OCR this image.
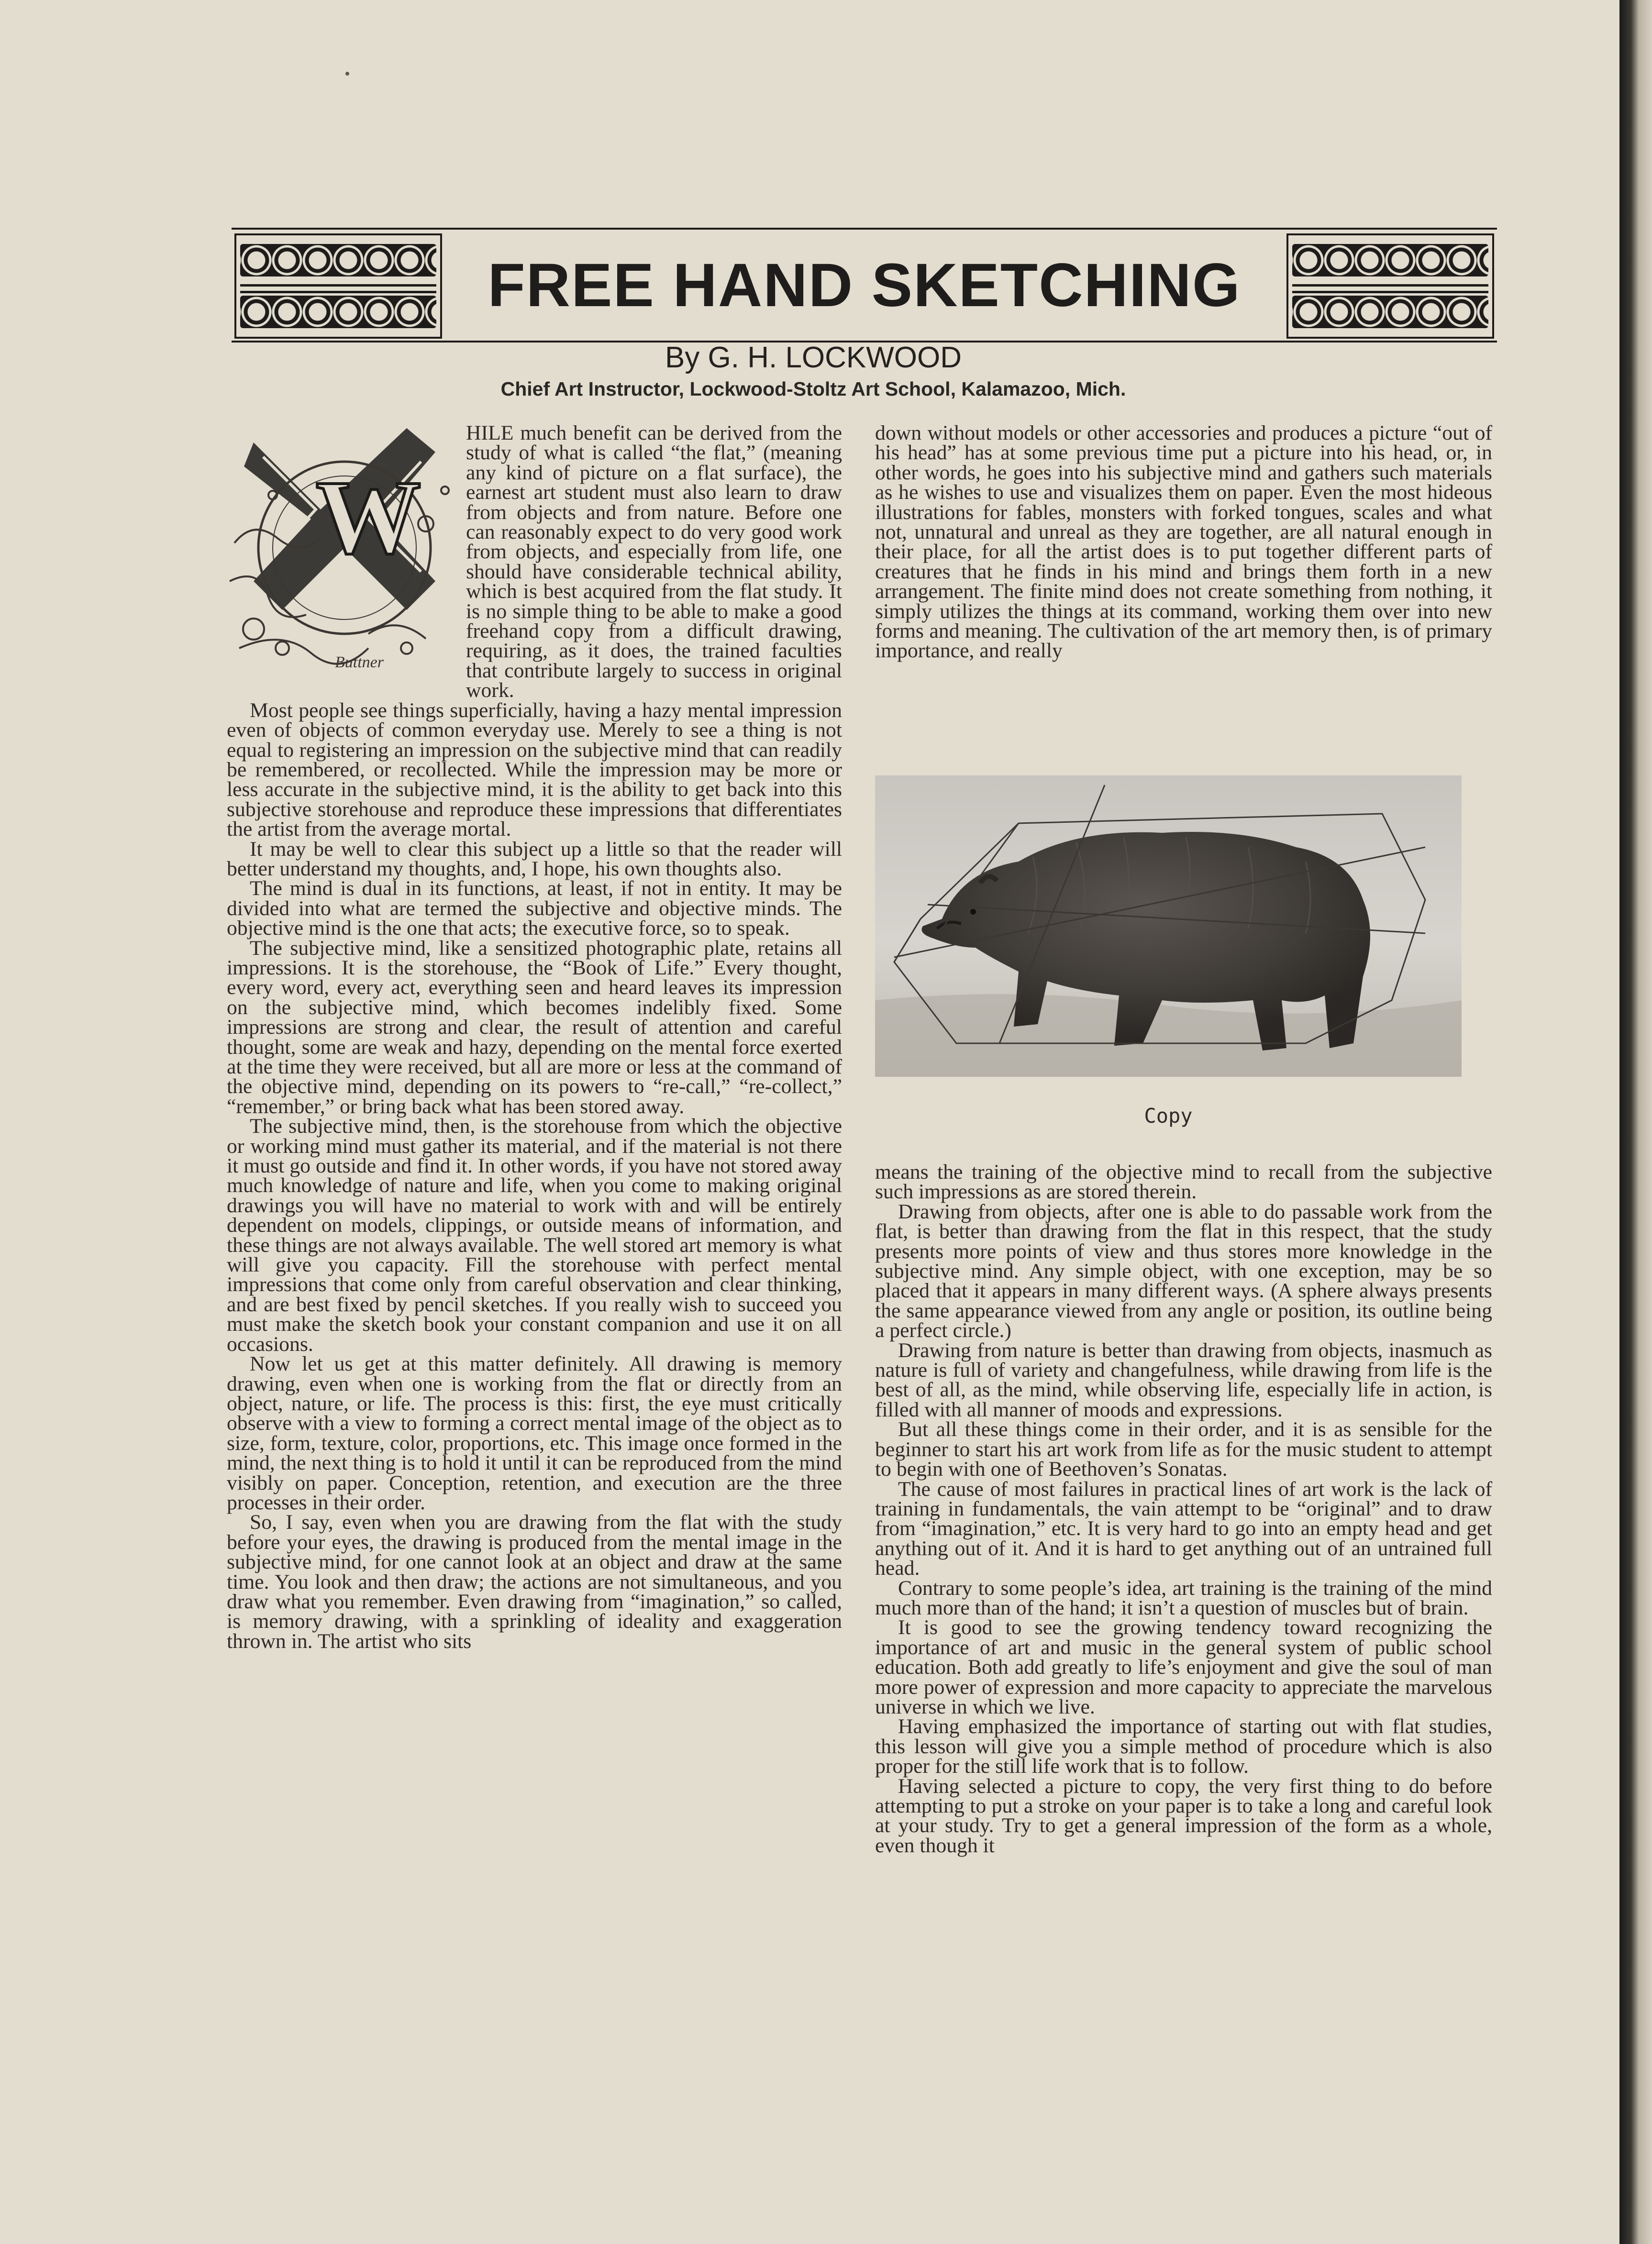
FREE HAND SKETCHING

By G. H. LOCKWOOD

Chief Art Instructor, Lockwood-Stoltz Art School, Kalamazoo, Mich.

W
Buttner

HILE much benefit can be derived from the study of what is called “the flat,” (meaning any kind of picture on a flat surface), the earnest art student must also learn to draw from objects and from nature. Before one can reasonably expect to do very good work from objects, and especially from life, one should have considerable technical ability, which is best acquired from the flat study. It is no simple thing to be able to make a good freehand copy from a difficult drawing, requiring, as it does, the trained faculties that contribute largely to success in original work.

Most people see things superficially, having a hazy mental impression even of objects of common everyday use. Merely to see a thing is not equal to registering an impression on the subjective mind that can readily be remembered, or recollected. While the impression may be more or less accurate in the subjective mind, it is the ability to get back into this subjective storehouse and reproduce these impressions that differentiates the artist from the average mortal.

It may be well to clear this subject up a little so that the reader will better understand my thoughts, and, I hope, his own thoughts also.

The mind is dual in its functions, at least, if not in entity. It may be divided into what are termed the subjective and objective minds. The objective mind is the one that acts; the executive force, so to speak.

The subjective mind, like a sensitized photographic plate, retains all impressions. It is the storehouse, the “Book of Life.” Every thought, every word, every act, everything seen and heard leaves its impression on the subjective mind, which becomes indelibly fixed. Some impressions are strong and clear, the result of attention and careful thought, some are weak and hazy, depending on the mental force exerted at the time they were received, but all are more or less at the command of the objective mind, depending on its powers to “re-call,” “re-collect,” “remember,” or bring back what has been stored away.

The subjective mind, then, is the storehouse from which the objective or working mind must gather its material, and if the material is not there it must go outside and find it. In other words, if you have not stored away much knowledge of nature and life, when you come to making original drawings you will have no material to work with and will be entirely dependent on models, clippings, or outside means of information, and these things are not always available. The well stored art memory is what will give you capacity. Fill the storehouse with perfect mental impressions that come only from careful observation and clear thinking, and are best fixed by pencil sketches. If you really wish to succeed you must make the sketch book your constant companion and use it on all occasions.

Now let us get at this matter definitely. All drawing is memory drawing, even when one is working from the flat or directly from an object, nature, or life. The process is this: first, the eye must critically observe with a view to forming a correct mental image of the object as to size, form, texture, color, proportions, etc. This image once formed in the mind, the next thing is to hold it until it can be reproduced from the mind visibly on paper. Conception, retention, and execution are the three processes in their order.

So, I say, even when you are drawing from the flat with the study before your eyes, the drawing is produced from the mental image in the subjective mind, for one cannot look at an object and draw at the same time. You look and then draw; the actions are not simultaneous, and you draw what you remember. Even drawing from “imagination,” so called, is memory drawing, with a sprinkling of ideality and exaggeration thrown in. The artist who sits

down without models or other accessories and produces a picture “out of his head” has at some previous time put a picture into his head, or, in other words, he goes into his subjective mind and gathers such materials as he wishes to use and visualizes them on paper. Even the most hideous illustrations for fables, monsters with forked tongues, scales and what not, unnatural and unreal as they are together, are all natural enough in their place, for all the artist does is to put together different parts of creatures that he finds in his mind and brings them forth in a new arrangement. The finite mind does not create something from nothing, it simply utilizes the things at its command, working them over into new forms and meaning. The cultivation of the art memory then, is of primary importance, and really

Copy

means the training of the objective mind to recall from the subjective such impressions as are stored therein.

Drawing from objects, after one is able to do passable work from the flat, is better than drawing from the flat in this respect, that the study presents more points of view and thus stores more knowledge in the subjective mind. Any simple object, with one exception, may be so placed that it appears in many different ways. (A sphere always presents the same appearance viewed from any angle or position, its outline being a perfect circle.)

Drawing from nature is better than drawing from objects, inasmuch as nature is full of variety and changefulness, while drawing from life is the best of all, as the mind, while observing life, especially life in action, is filled with all manner of moods and expressions.

But all these things come in their order, and it is as sensible for the beginner to start his art work from life as for the music student to attempt to begin with one of Beethoven’s Sonatas.

The cause of most failures in practical lines of art work is the lack of training in fundamentals, the vain attempt to be “original” and to draw from “imagination,” etc. It is very hard to go into an empty head and get anything out of it. And it is hard to get anything out of an untrained full head.

Contrary to some people’s idea, art training is the training of the mind much more than of the hand; it isn’t a question of muscles but of brain.

It is good to see the growing tendency toward recognizing the importance of art and music in the general system of public school education. Both add greatly to life’s enjoyment and give the soul of man more power of expression and more capacity to appreciate the marvelous universe in which we live.

Having emphasized the importance of starting out with flat studies, this lesson will give you a simple method of procedure which is also proper for the still life work that is to follow.

Having selected a picture to copy, the very first thing to do before attempting to put a stroke on your paper is to take a long and careful look at your study. Try to get a general impression of the form as a whole, even though it
